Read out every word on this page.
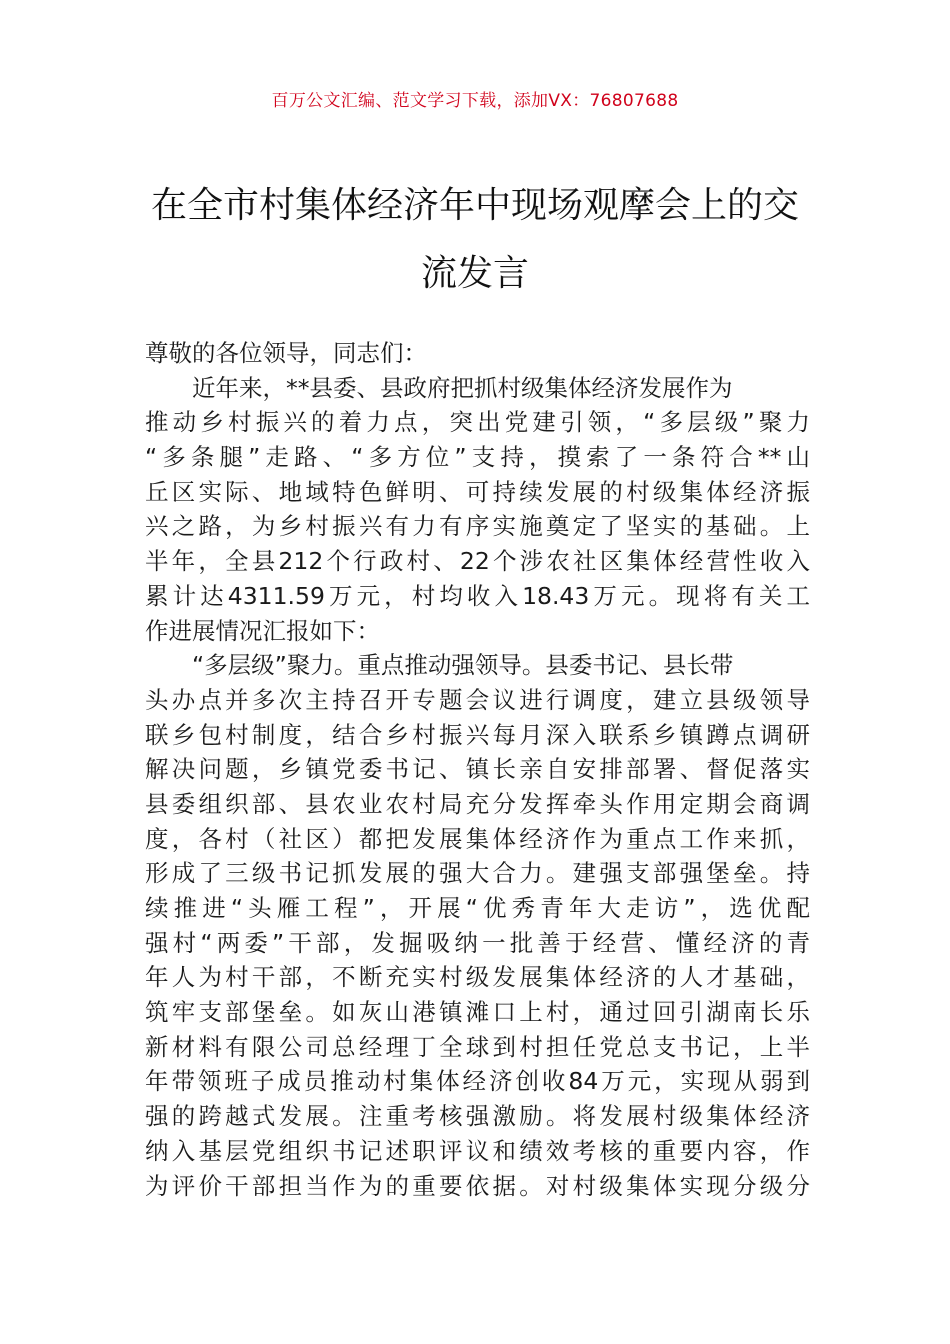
百万公文汇编、范文学习下载，添加VX：76807688
在全市村集体经济年中现场观摩会上的交
流发言
尊敬的各位领导，同志们：
　　近年来，**县委、县政府把抓村级集体经济发展作为
推动乡村振兴的着力点，突出党建引领，“多层级”聚力
“多条腿”走路、“多方位”支持，摸索了一条符合**山
丘区实际、地域特色鲜明、可持续发展的村级集体经济振
兴之路，为乡村振兴有力有序实施奠定了坚实的基础。上
半年，全县212个行政村、22个涉农社区集体经营性收入
累计达4311.59万元，村均收入18.43万元。现将有关工
作进展情况汇报如下：
　　“多层级”聚力。重点推动强领导。县委书记、县长带
头办点并多次主持召开专题会议进行调度，建立县级领导
联乡包村制度，结合乡村振兴每月深入联系乡镇蹲点调研
解决问题，乡镇党委书记、镇长亲自安排部署、督促落实
县委组织部、县农业农村局充分发挥牵头作用定期会商调
度，各村（社区）都把发展集体经济作为重点工作来抓，
形成了三级书记抓发展的强大合力。建强支部强堡垒。持
续推进“头雁工程”，开展“优秀青年大走访”，选优配
强村“两委”干部，发掘吸纳一批善于经营、懂经济的青
年人为村干部，不断充实村级发展集体经济的人才基础，
筑牢支部堡垒。如灰山港镇滩口上村，通过回引湖南长乐
新材料有限公司总经理丁全球到村担任党总支书记，上半
年带领班子成员推动村集体经济创收84万元，实现从弱到
强的跨越式发展。注重考核强激励。将发展村级集体经济
纳入基层党组织书记述职评议和绩效考核的重要内容，作
为评价干部担当作为的重要依据。对村级集体实现分级分
